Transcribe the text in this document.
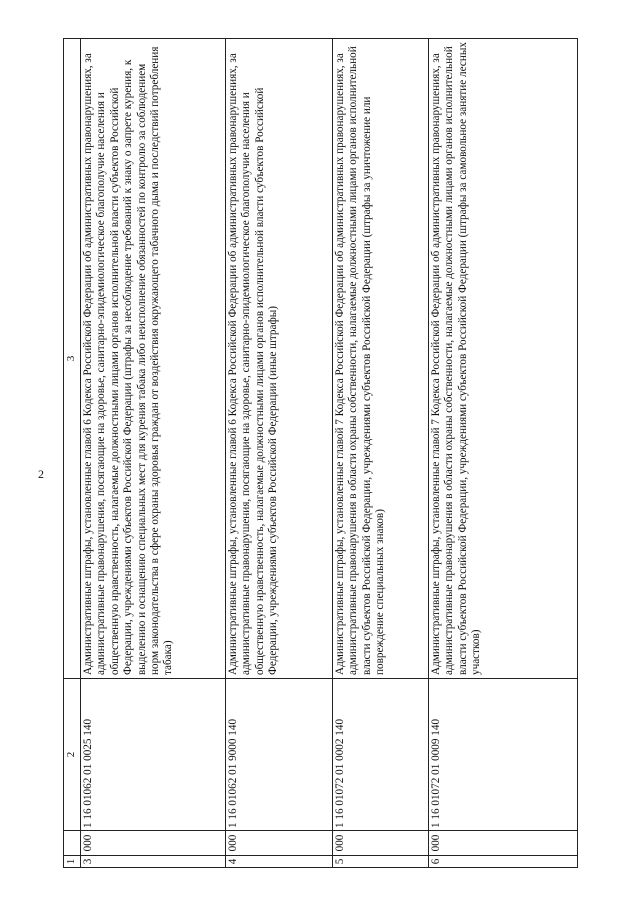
2
1		2	3
3	000	1 16 01062 01 0025 140	Административные штрафы, установленные главой 6 Кодекса Российской Федерации об административных правонарушениях, за административные правонарушения, посягающие на здоровье, санитарно-эпидемиологическое благополучие населения и общественную нравственность, налагаемые должностными лицами органов исполнительной власти субъектов Российской Федерации, учреждениями субъектов Российской Федерации (штрафы за несоблюдение требований к знаку о запрете курения, к выделению и оснащению специальных мест для курения табака либо неисполнение обязанностей по контролю за соблюдением норм законодательства в сфере охраны здоровья граждан от воздействия окружающего табачного дыма и последствий потребления табака)
4	000	1 16 01062 01 9000 140	Административные штрафы, установленные главой 6 Кодекса Российской Федерации об административных правонарушениях, за административные правонарушения, посягающие на здоровье, санитарно-эпидемиологическое благополучие населения и общественную нравственность, налагаемые должностными лицами органов исполнительной власти субъектов Российской Федерации, учреждениями субъектов Российской Федерации (иные штрафы)
5	000	1 16 01072 01 0002 140	Административные штрафы, установленные главой 7 Кодекса Российской Федерации об административных правонарушениях, за административные правонарушения в области охраны собственности, налагаемые должностными лицами органов исполнительной власти субъектов Российской Федерации, учреждениями субъектов Российской Федерации (штрафы за уничтожение или повреждение специальных знаков)
6	000	1 16 01072 01 0009 140	Административные штрафы, установленные главой 7 Кодекса Российской Федерации об административных правонарушениях, за административные правонарушения в области охраны собственности, налагаемые должностными лицами органов исполнительной власти субъектов Российской Федерации, учреждениями субъектов Российской Федерации (штрафы за самовольное занятие лесных участков)
